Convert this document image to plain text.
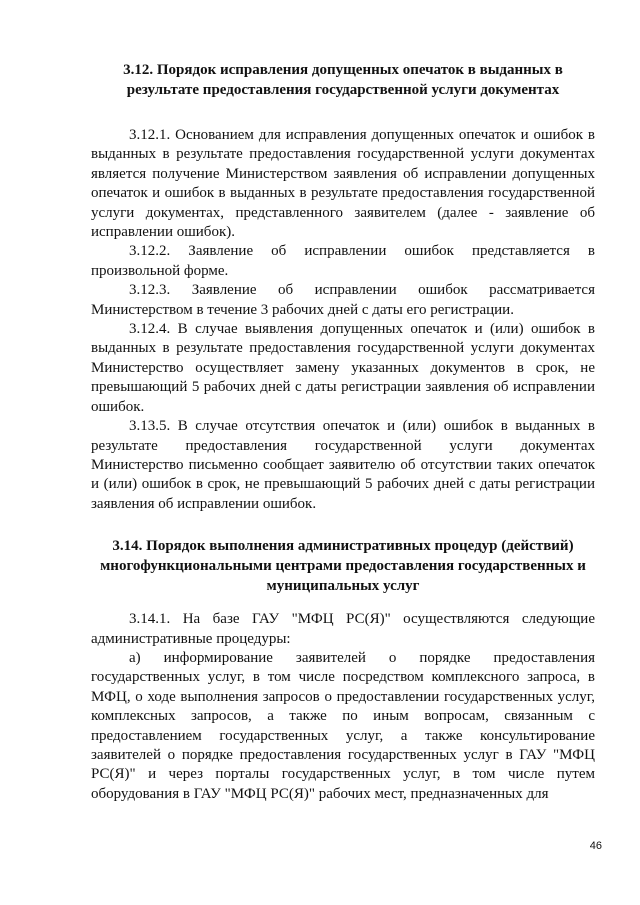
3.12. Порядок исправления допущенных опечаток в выданных в
результате предоставления государственной услуги документах

3.12.1. Основанием для исправления допущенных опечаток и ошибок в выданных в результате предоставления государственной услуги документах является получение Министерством заявления об исправлении допущенных опечаток и ошибок в выданных в результате предоставления государственной услуги документах, представленного заявителем (далее - заявление об исправлении ошибок).

3.12.2. Заявление об исправлении ошибок представляется в произвольной форме.

3.12.3. Заявление об исправлении ошибок рассматривается Министерством в течение 3 рабочих дней с даты его регистрации.

3.12.4. В случае выявления допущенных опечаток и (или) ошибок в выданных в результате предоставления государственной услуги документах Министерство осуществляет замену указанных документов в срок, не превышающий 5 рабочих дней с даты регистрации заявления об исправлении ошибок.

3.13.5. В случае отсутствия опечаток и (или) ошибок в выданных в результате предоставления государственной услуги документах Министерство письменно сообщает заявителю об отсутствии таких опечаток и (или) ошибок в срок, не превышающий 5 рабочих дней с даты регистрации заявления об исправлении ошибок.

3.14. Порядок выполнения административных процедур (действий)
многофункциональными центрами предоставления государственных и
муниципальных услуг

3.14.1. На базе ГАУ "МФЦ РС(Я)" осуществляются следующие административные процедуры:

а) информирование заявителей о порядке предоставления государственных услуг, в том числе посредством комплексного запроса, в МФЦ, о ходе выполнения запросов о предоставлении государственных услуг, комплексных запросов, а также по иным вопросам, связанным с предоставлением государственных услуг, а также консультирование заявителей о порядке предоставления государственных услуг в ГАУ "МФЦ РС(Я)" и через порталы государственных услуг, в том числе путем оборудования в ГАУ "МФЦ РС(Я)" рабочих мест, предназначенных для

46
